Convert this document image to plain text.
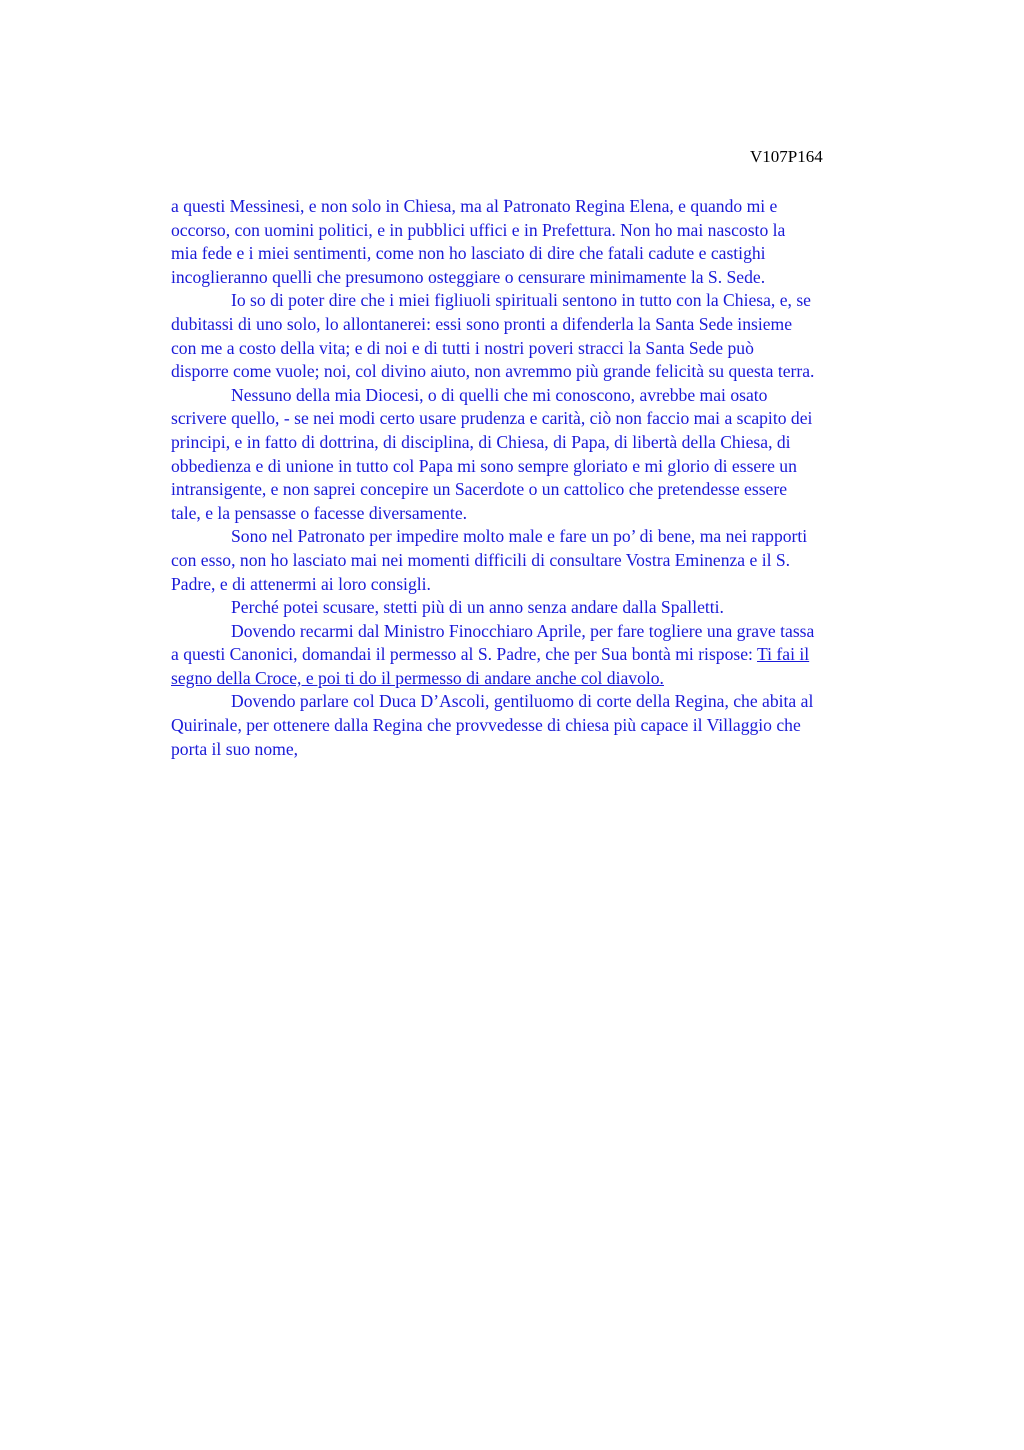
V107P164
a questi Messinesi, e non solo in Chiesa, ma al Patronato Regina Elena, e quando mi e
occorso, con uomini politici, e in pubblici uffici e in Prefettura. Non ho mai nascosto la
mia fede e i miei sentimenti, come non ho lasciato di dire che fatali cadute e castighi
incoglieranno quelli che presumono osteggiare o censurare minimamente la S. Sede.
Io so di poter dire che i miei figliuoli spirituali sentono in tutto con la Chiesa, e, se
dubitassi di uno solo, lo allontanerei: essi sono pronti a difenderla la Santa Sede insieme
con me a costo della vita; e di noi e di tutti i nostri poveri stracci la Santa Sede può
disporre come vuole; noi, col divino aiuto, non avremmo più grande felicità su questa terra.
Nessuno della mia Diocesi, o di quelli che mi conoscono, avrebbe mai osato
scrivere quello, - se nei modi certo usare prudenza e carità, ciò non faccio mai a scapito dei
principi, e in fatto di dottrina, di disciplina, di Chiesa, di Papa, di libertà della Chiesa, di
obbedienza e di unione in tutto col Papa mi sono sempre gloriato e mi glorio di essere un
intransigente, e non saprei concepire un Sacerdote o un cattolico che pretendesse essere
tale, e la pensasse o facesse diversamente.
Sono nel Patronato per impedire molto male e fare un po’ di bene, ma nei rapporti
con esso, non ho lasciato mai nei momenti difficili di consultare Vostra Eminenza e il S.
Padre, e di attenermi ai loro consigli.
Perché potei scusare, stetti più di un anno senza andare dalla Spalletti.
Dovendo recarmi dal Ministro Finocchiaro Aprile, per fare togliere una grave tassa
a questi Canonici, domandai il permesso al S. Padre, che per Sua bontà mi rispose: Ti fai il
segno della Croce, e poi ti do il permesso di andare anche col diavolo.
Dovendo parlare col Duca D’Ascoli, gentiluomo di corte della Regina, che abita al
Quirinale, per ottenere dalla Regina che provvedesse di chiesa più capace il Villaggio che
porta il suo nome,
